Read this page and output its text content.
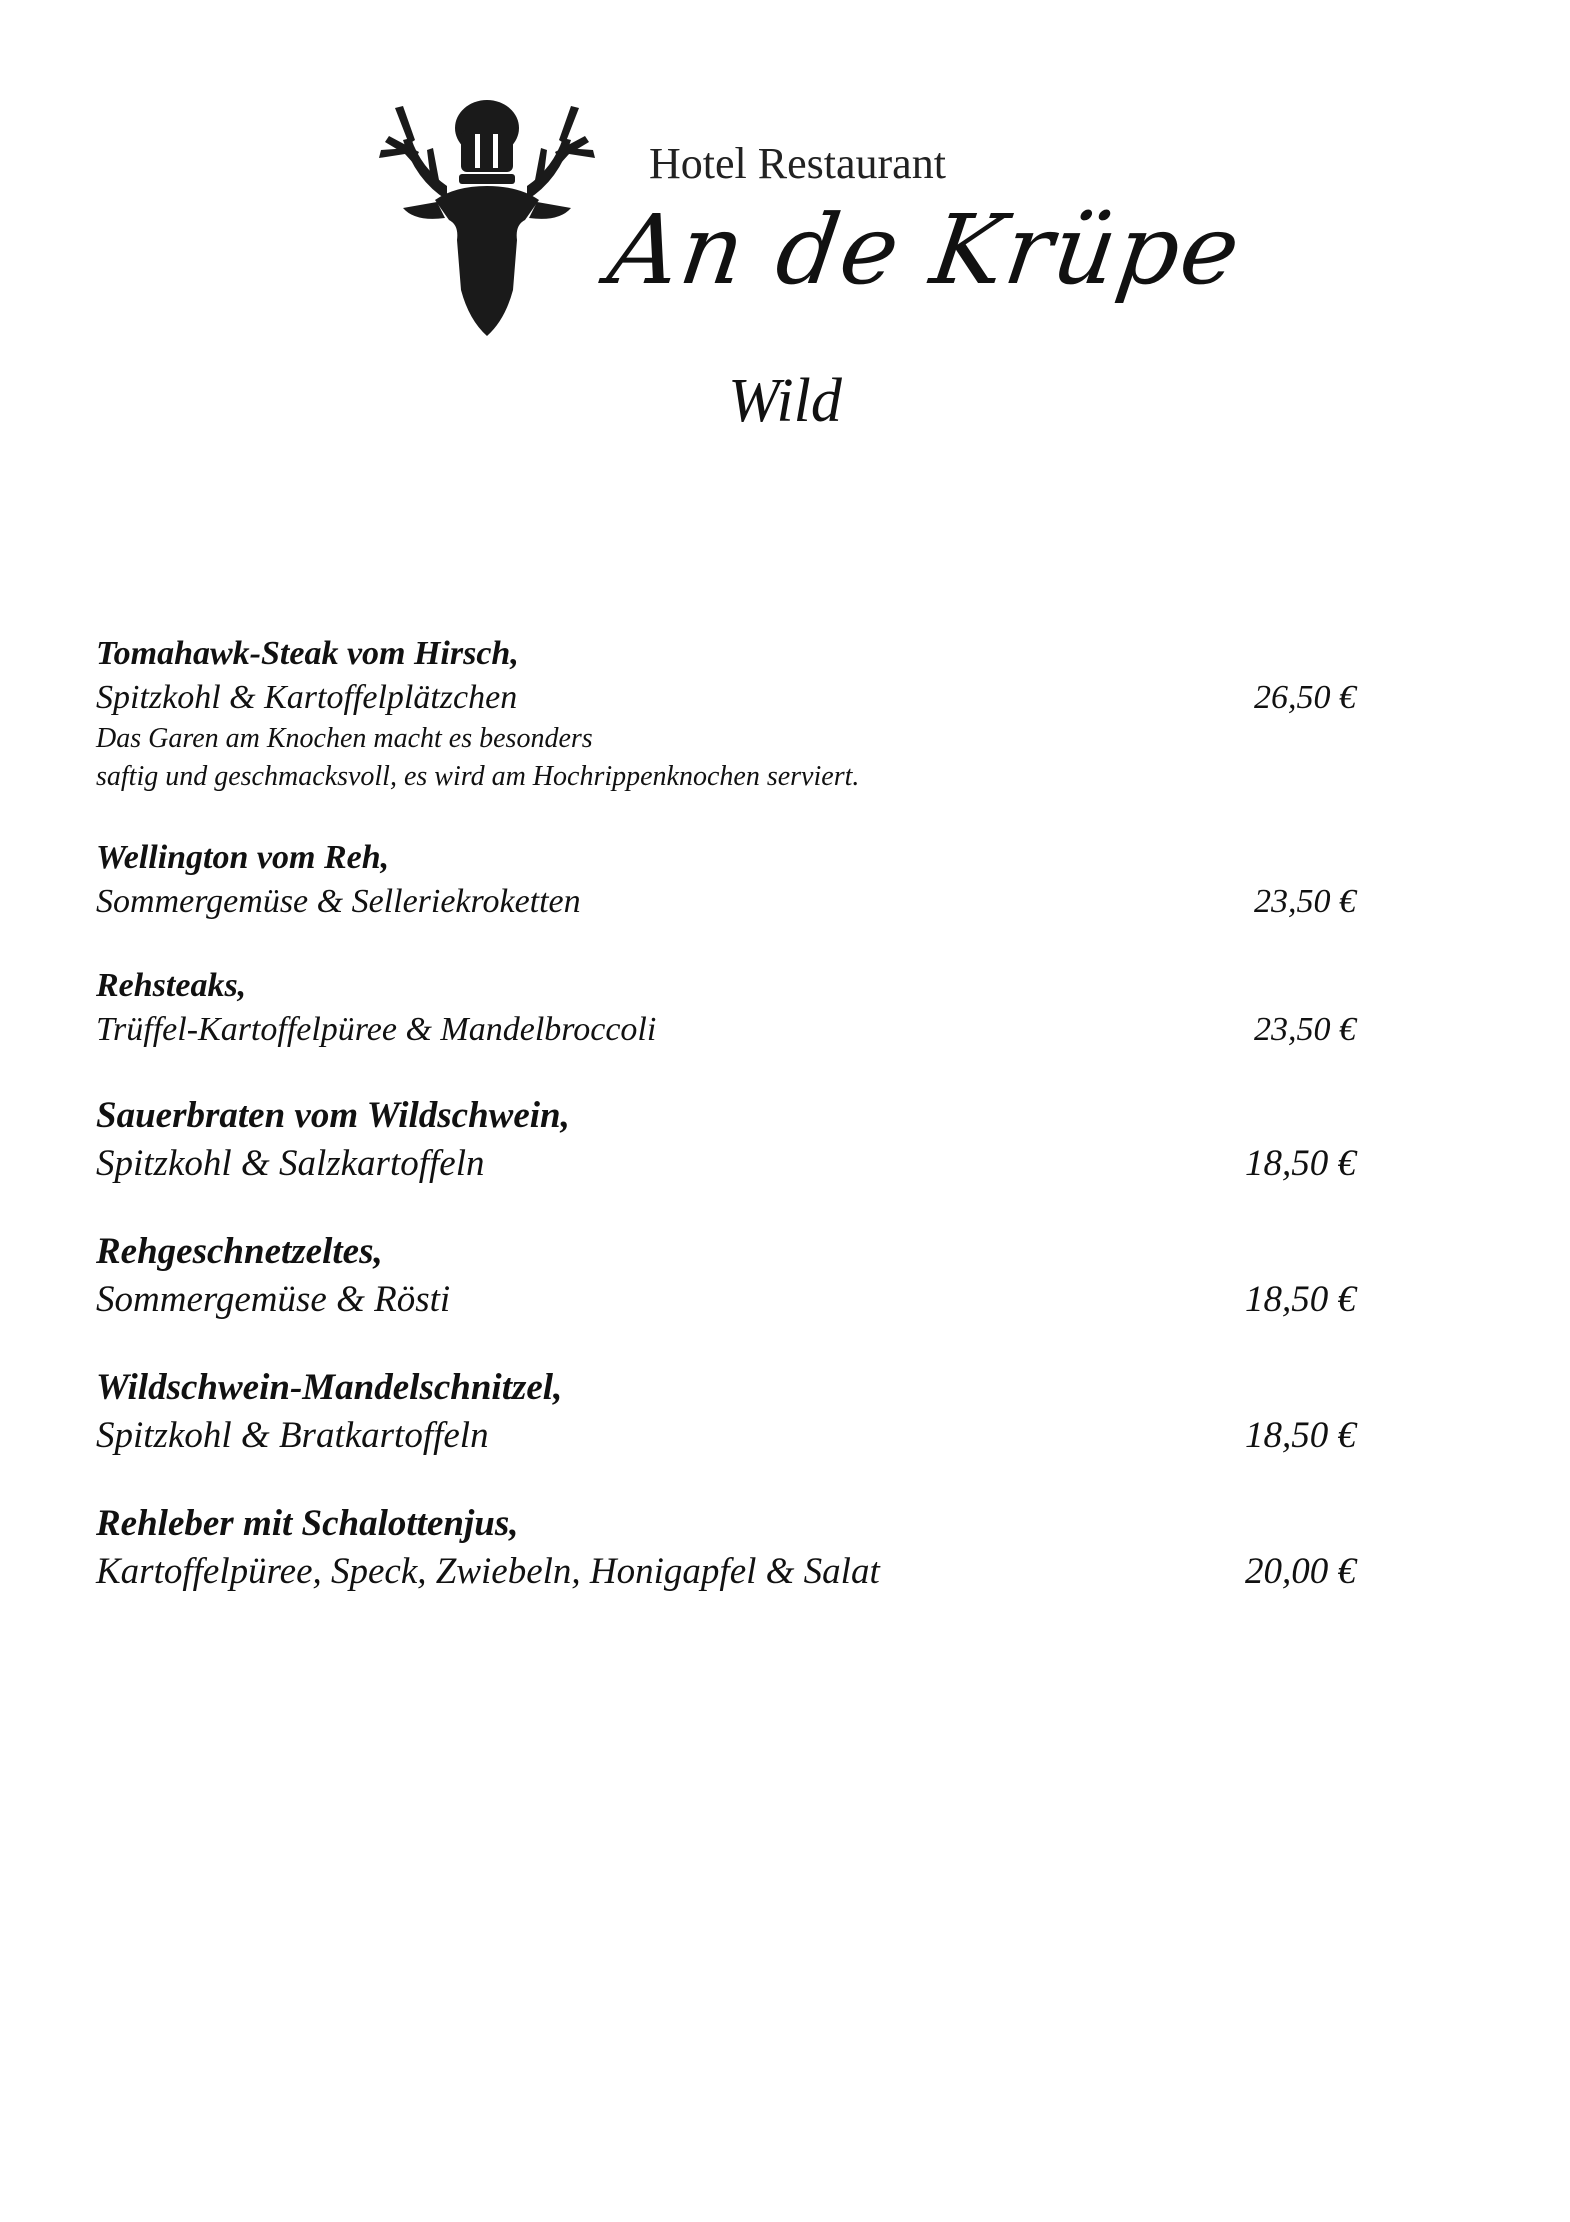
Hotel Restaurant
An de Krüpe
Wild
Tomahawk-Steak vom Hirsch,
Spitzkohl & Kartoffelplätzchen	26,50 €
Das Garen am Knochen macht es besonders
saftig und geschmacksvoll, es wird am Hochrippenknochen serviert.
Wellington vom Reh,
Sommergemüse & Selleriekroketten	23,50 €
Rehsteaks,
Trüffel-Kartoffelpüree & Mandelbroccoli	23,50 €
Sauerbraten vom Wildschwein,
Spitzkohl & Salzkartoffeln	18,50 €
Rehgeschnetzeltes,
Sommergemüse & Rösti	18,50 €
Wildschwein-Mandelschnitzel,
Spitzkohl & Bratkartoffeln	18,50 €
Rehleber mit Schalottenjus,
Kartoffelpüree, Speck, Zwiebeln, Honigapfel & Salat	20,00 €
